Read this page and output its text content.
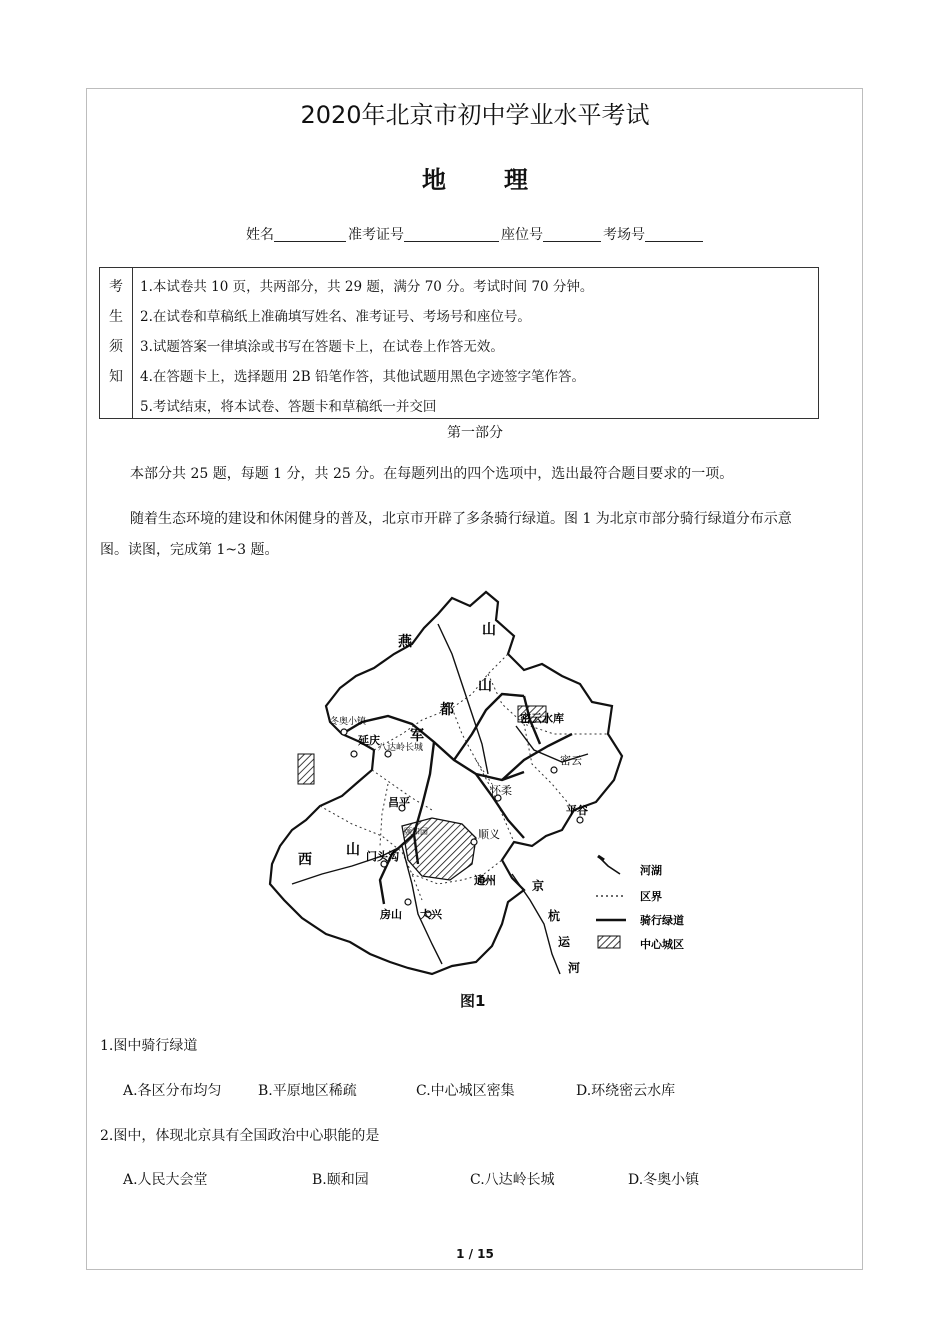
2020年北京市初中学业水平考试
地理
姓名	准考证号	座位号	考场号
考
生
须
知
1.本试卷共 10 页，共两部分，共 29 题，满分 70 分。考试时间 70 分钟。
2.在试卷和草稿纸上准确填写姓名、准考证号、考场号和座位号。
3.试题答案一律填涂或书写在答题卡上，在试卷上作答无效。
4.在答题卡上，选择题用 2B 铅笔作答，其他试题用黑色字迹签字笔作答。
5.考试结束，将本试卷、答题卡和草稿纸一并交回
第一部分
本部分共 25 题，每题 1 分，共 25 分。在每题列出的四个选项中，选出最符合题目要求的一项。
随着生态环境的建设和休闲健身的普及，北京市开辟了多条骑行绿道。图 1 为北京市部分骑行绿道分布示意
图。读图，完成第 1~3 题。
燕
山
山
都
军
西
山
冬奥小镇
延庆
八达岭长城
密云水库
密云
怀柔
平谷
昌平
顺义
颐和园
门头沟
通州
房山 大兴
京
杭
运
河
河湖
区界
骑行绿道
中心城区
图1
1.图中骑行绿道
A.各区分布均匀	B.平原地区稀疏	C.中心城区密集	D.环绕密云水库
2.图中，体现北京具有全国政治中心职能的是
A.人民大会堂	B.颐和园	C.八达岭长城	D.冬奥小镇
1 / 15
